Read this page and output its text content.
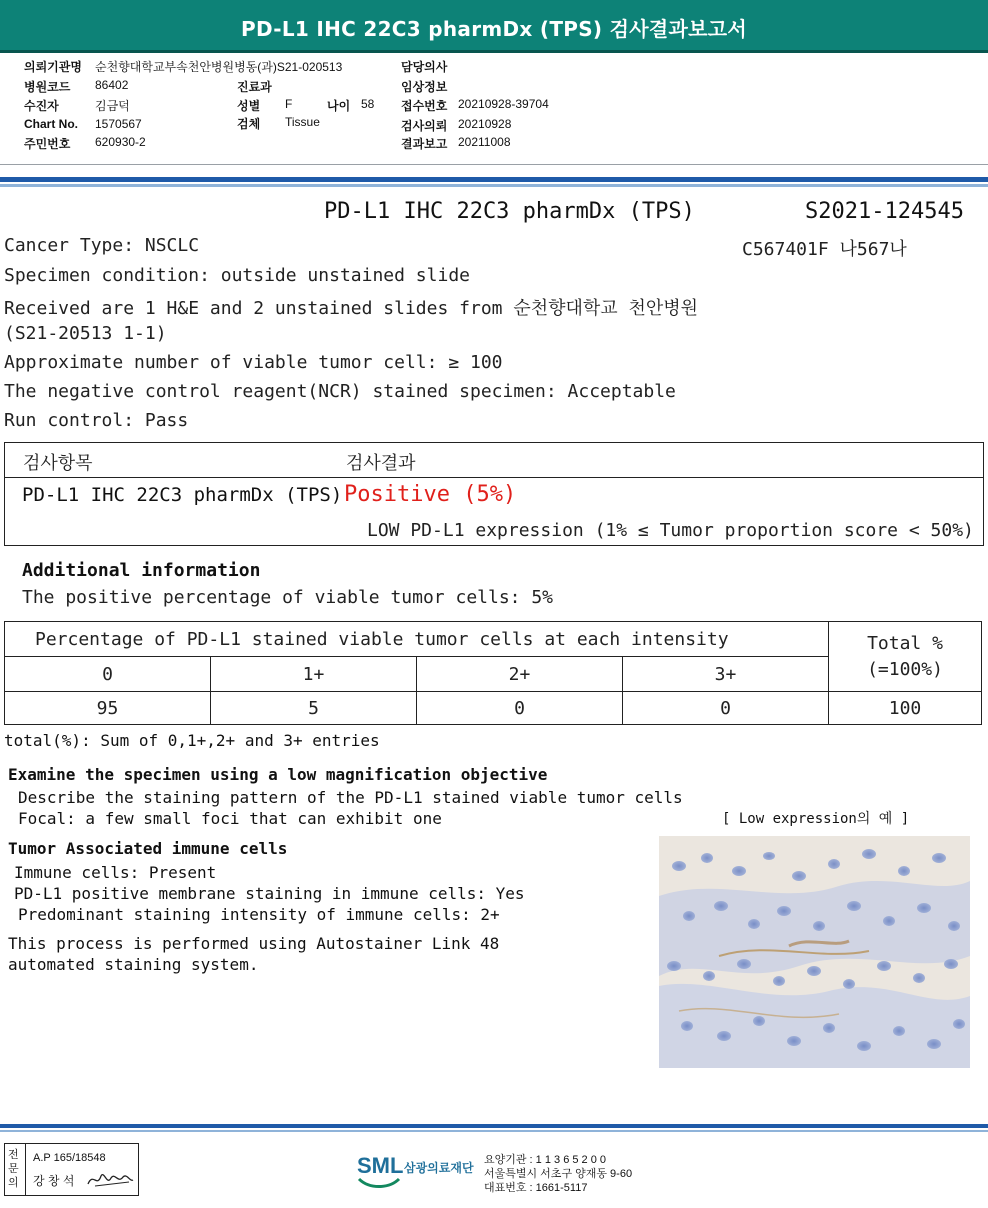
PD-L1 IHC 22C3 pharmDx (TPS) 검사결과보고서
의뢰기관명 순천향대학교부속천안병원병동(과)S21-020513
병원코드 86402
수진자	김금덕
Chart No. 1570567
주민번호 620930-2
진료과
성별 F	나이 58
검체 Tissue
담당의사
임상정보
접수번호 20210928-39704
검사의뢰 20210928
결과보고 20211008
PD-L1 IHC 22C3 pharmDx (TPS)	S2021-124545
Cancer Type: NSCLC	C567401F 나567나
Specimen condition: outside unstained slide
Received are 1 H&E and 2 unstained slides from 순천향대학교 천안병원
(S21-20513 1-1)
Approximate number of viable tumor cell: ≥ 100
The negative control reagent(NCR) stained specimen: Acceptable
Run control: Pass
검사항목	검사결과
PD-L1 IHC 22C3 pharmDx (TPS) Positive (5%)
LOW PD-L1 expression (1% ≤ Tumor proportion score < 50%)
Additional information
The positive percentage of viable tumor cells: 5%
Percentage of PD-L1 stained viable tumor cells at each intensity				Total %
(=100%)

0	1+	2+	3+	
95	5	0	0	100
total(%): Sum of 0,1+,2+ and 3+ entries
Examine the specimen using a low magnification objective
Describe the staining pattern of the PD-L1 stained viable tumor cells
Focal: a few small foci that can exhibit one	[ Low expression의 예 ]
Tumor Associated immune cells
Immune cells: Present
PD-L1 positive membrane staining in immune cells: Yes
Predominant staining intensity of immune cells: 2+
This process is performed using Autostainer Link 48
automated staining system.
전문의
A.P 165/18548
강 창 석
SML 삼광의료재단
요양기관 : 1 1 3 6 5 2 0 0
서울특별시 서초구 양재동 9-60
대표번호 : 1661-5117
